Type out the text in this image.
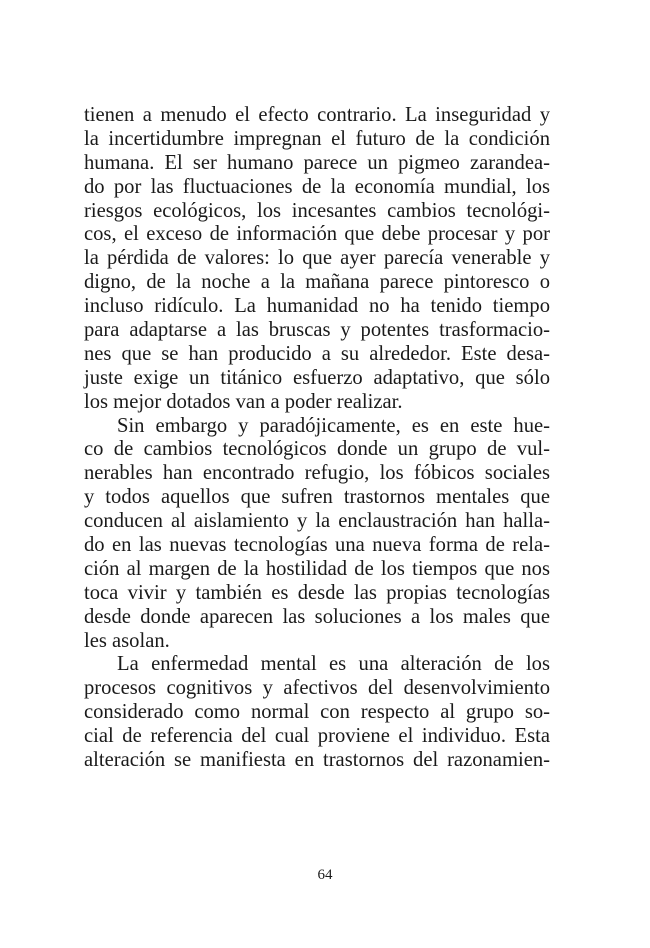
tienen a menudo el efecto contrario. La inseguridad y
la incertidumbre impregnan el futuro de la condición
humana. El ser humano parece un pigmeo zarandea-
do por las fluctuaciones de la economía mundial, los
riesgos ecológicos, los incesantes cambios tecnológi-
cos, el exceso de información que debe procesar y por
la pérdida de valores: lo que ayer parecía venerable y
digno, de la noche a la mañana parece pintoresco o
incluso ridículo. La humanidad no ha tenido tiempo
para adaptarse a las bruscas y potentes trasformacio-
nes que se han producido a su alrededor. Este desa-
juste exige un titánico esfuerzo adaptativo, que sólo
los mejor dotados van a poder realizar.
Sin embargo y paradójicamente, es en este hue-
co de cambios tecnológicos donde un grupo de vul-
nerables han encontrado refugio, los fóbicos sociales
y todos aquellos que sufren trastornos mentales que
conducen al aislamiento y la enclaustración han halla-
do en las nuevas tecnologías una nueva forma de rela-
ción al margen de la hostilidad de los tiempos que nos
toca vivir y también es desde las propias tecnologías
desde donde aparecen las soluciones a los males que
les asolan.
La enfermedad mental es una alteración de los
procesos cognitivos y afectivos del desenvolvimiento
considerado como normal con respecto al grupo so-
cial de referencia del cual proviene el individuo. Esta
alteración se manifiesta en trastornos del razonamien-
64
